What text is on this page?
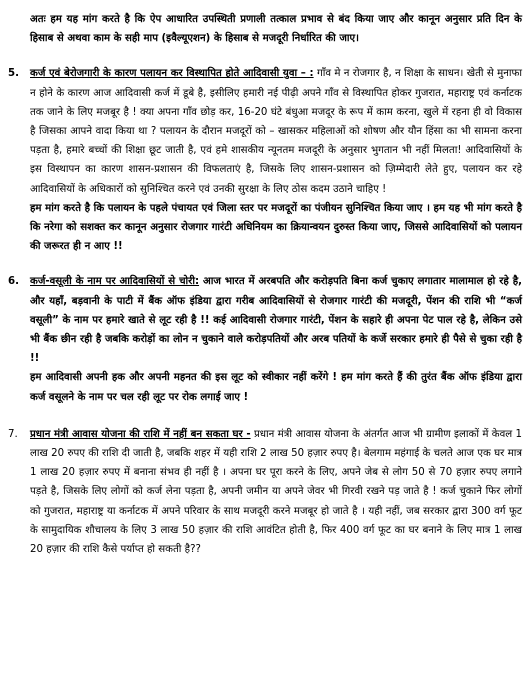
अतः हम यह मांग करते है कि ऐप आधारित उपस्थिती प्रणाली तत्काल प्रभाव से बंद किया जाए और कानून अनुसार प्रति दिन के हिसाब से अथवा काम के सही माप (इवैल्यूएशन) के हिसाब से मजदूरी निर्धारित की जाए।
5.	कर्ज एवं बेरोजगारी के कारण पलायन कर विस्थापित होते आदिवासी युवा – : गाँव मे न रोजगार है, न शिक्षा के साधन। खेती से मुनाफा न होने के कारण आज आदिवासी कर्ज में डूबे है, इसीलिए हमारी नई पीढ़ी अपने गाँव से विस्थापित होकर गुजरात, महाराष्ट्र एवं कर्नाटक तक जाने के लिए मजबूर है ! क्या अपना गाँव छोड़ कर, 16-20 घंटे बंधुआ मजदूर के रूप में काम करना, खुले में रहना ही वो विकास है जिसका आपने वादा किया था ? पलायन के दौरान मजदूरों को – खासकर महिलाओं को शोषण और यौन हिंसा का भी सामना करना पड़ता है, हमारे बच्चों की शिक्षा छूट जाती है, एवं हमे शासकीय न्यूनतम मजदूरी के अनुसार भुगतान भी नहीं मिलता! आदिवासियों के इस विस्थापन का कारण शासन-प्रशासन की विफलताएं है, जिसके लिए शासन-प्रशासन को ज़िम्मेदारी लेते हुए, पलायन कर रहे आदिवासियों के अधिकारों को सुनिश्चित करने एवं उनकी सुरक्षा के लिए ठोस कदम उठाने चाहिए !
हम मांग करते है कि पलायन के पहले पंचायत एवं जिला स्तर पर मजदूरों का पंजीयन सुनिश्चित किया जाए । हम यह भी मांग करते है कि नरेगा को सशक्त कर कानून अनुसार रोजगार गारंटी अधिनियम का क्रियान्वयन दुरुस्त किया जाए, जिससे आदिवासियों को पलायन की जरूरत ही न आए !!
6.	कर्ज-वसूली के नाम पर आदिवासियों से चोरी: आज भारत में अरबपति और करोड़पति बिना कर्ज चुकाए लगातार मालामाल हो रहे है, और यहाँ, बड़वानी के पाटी में बैंक ऑफ इंडिया द्वारा गरीब आदिवासियों से रोजगार गारंटी की मजदूरी, पेंशन की राशि भी “कर्ज वसूली” के नाम पर हमारे खाते से लूट रही है !! कई आदिवासी रोजगार गारंटी, पेंशन के सहारे ही अपना पेट पाल रहे है, लेकिन उसे भी बैंक छीन रही है जबकि करोड़ों का लोन न चुकाने वाले करोड़पतियों और अरब पतियों के कर्जे सरकार हमारे ही पैसे से चुका रही है !!
हम आदिवासी अपनी हक और अपनी महनत की इस लूट को स्वीकार नहीं करेंगे ! हम मांग करते हैं की तुरंत बैंक ऑफ इंडिया द्वारा कर्ज वसूलने के नाम पर चल रही लूट पर रोक लगाई जाए !
7.	प्रधान मंत्री आवास योजना की राशि में नहीं बन सकता घर - प्रधान मंत्री आवास योजना के अंतर्गत आज भी ग्रामीण इलाकों में केवल 1 लाख 20 रुपए की राशि दी जाती है, जबकि शहर में यही राशि 2 लाख 50 हज़ार रुपए है। बेलगाम महंगाई के चलते आज एक घर मात्र 1 लाख 20 हज़ार रुपए में बनाना संभव ही नहीं है । अपना घर पूरा करने के लिए, अपने जेब से लोग 50 से 70 हज़ार रुपए लगाने पड़ते है, जिसके लिए लोगों को कर्ज लेना पड़ता है, अपनी जमीन या अपने जेवर भी गिरवी रखने पड़ जाते है ! कर्ज चुकाने फिर लोगों को गुजरात, महाराष्ट्र या कर्नाटक में अपने परिवार के साथ मजदूरी करने मजबूर हो जाते है । यही नहीं, जब सरकार द्वारा 300 वर्ग फूट के सामुदायिक शौचालय के लिए 3 लाख 50 हज़ार की राशि आवंटित होती है, फिर 400 वर्ग फूट का घर बनाने के लिए मात्र 1 लाख 20 हज़ार की राशि कैसे पर्याप्त हो सकती है??
